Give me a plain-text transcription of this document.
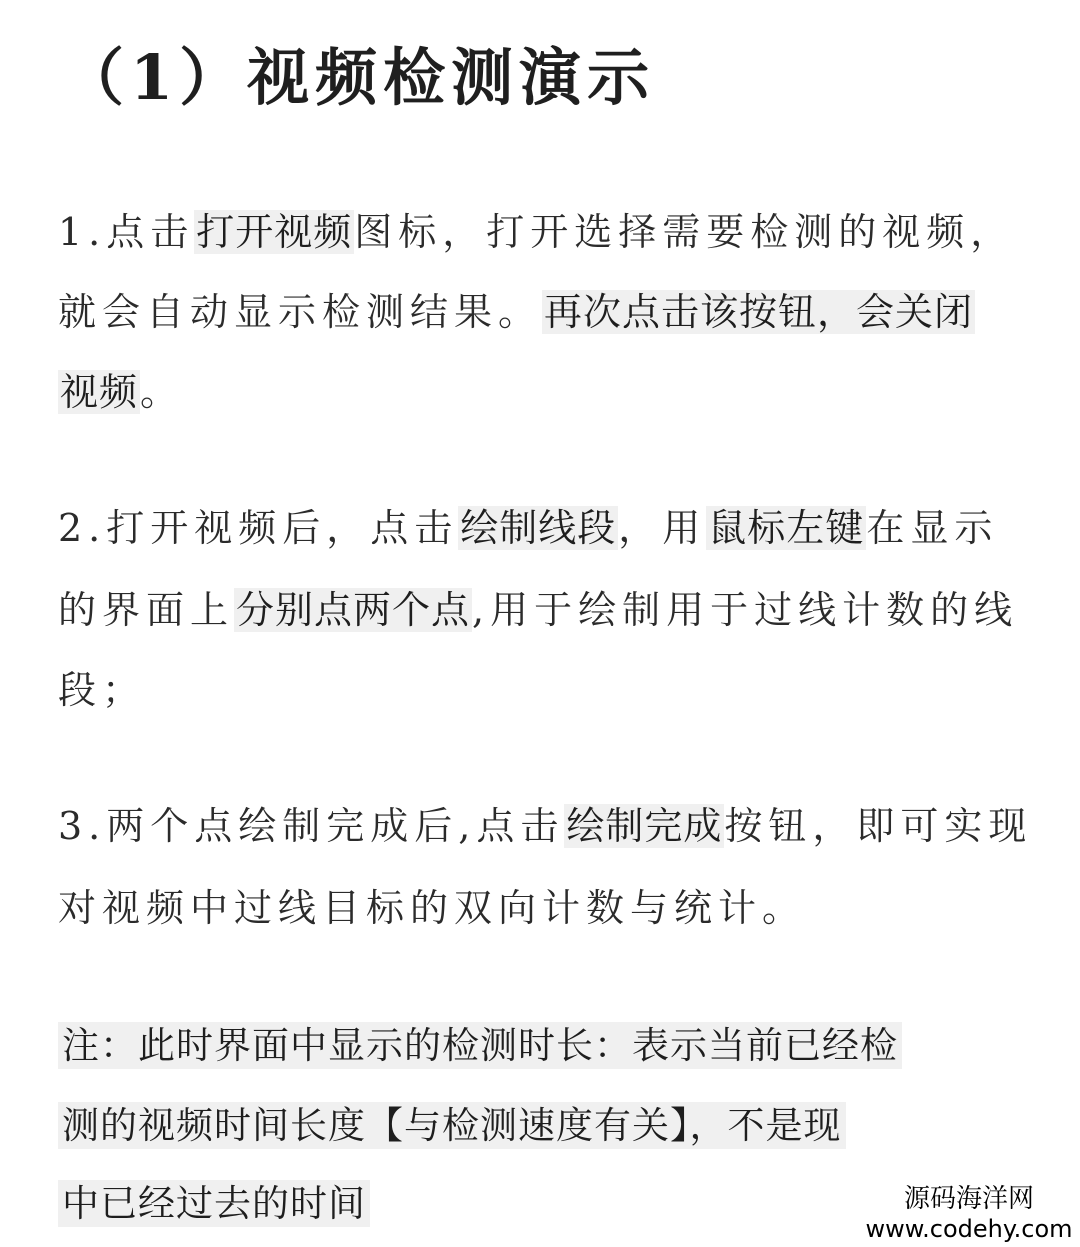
（1）视频检测演示
1.点击打开视频图标，打开选择需要检测的视频，
就会自动显示检测结果。再次点击该按钮，会关闭
视频。
2.打开视频后，点击绘制线段，用鼠标左键在显示
的界面上分别点两个点,用于绘制用于过线计数的线
段；
3.两个点绘制完成后,点击绘制完成按钮，即可实现
对视频中过线目标的双向计数与统计。
注：此时界面中显示的检测时长：表示当前已经检
测的视频时间长度【与检测速度有关】，不是现
中已经过去的时间	源码海洋网
www.codehy.com
